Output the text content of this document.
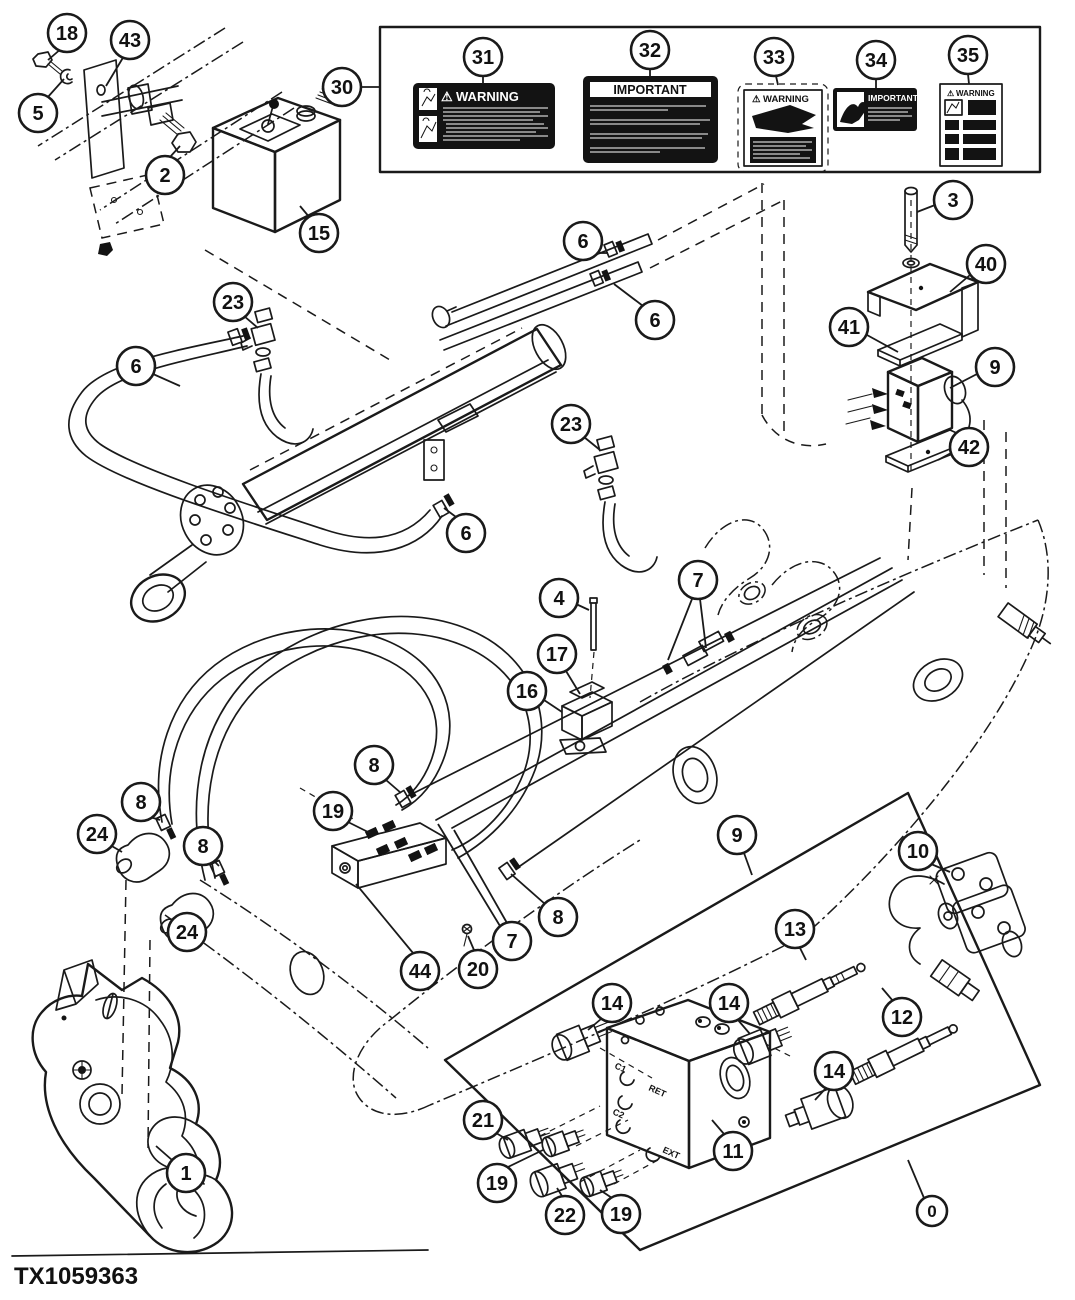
⚠ WARNING	IMPORTANT
⚠ WARNING	IMPORTANT	⚠ WARNING
C1
RET
C2
EXT
18 43
5
2
15
30
31	32	33	34	35
3
40
41
9
42
23
6
6
6
23
6
4
17
16
7
8
19
8
24
8
24
44 20
7
8
1
9
10
13
12
14	14
14
11
21
19
22 19	0
TX1059363
